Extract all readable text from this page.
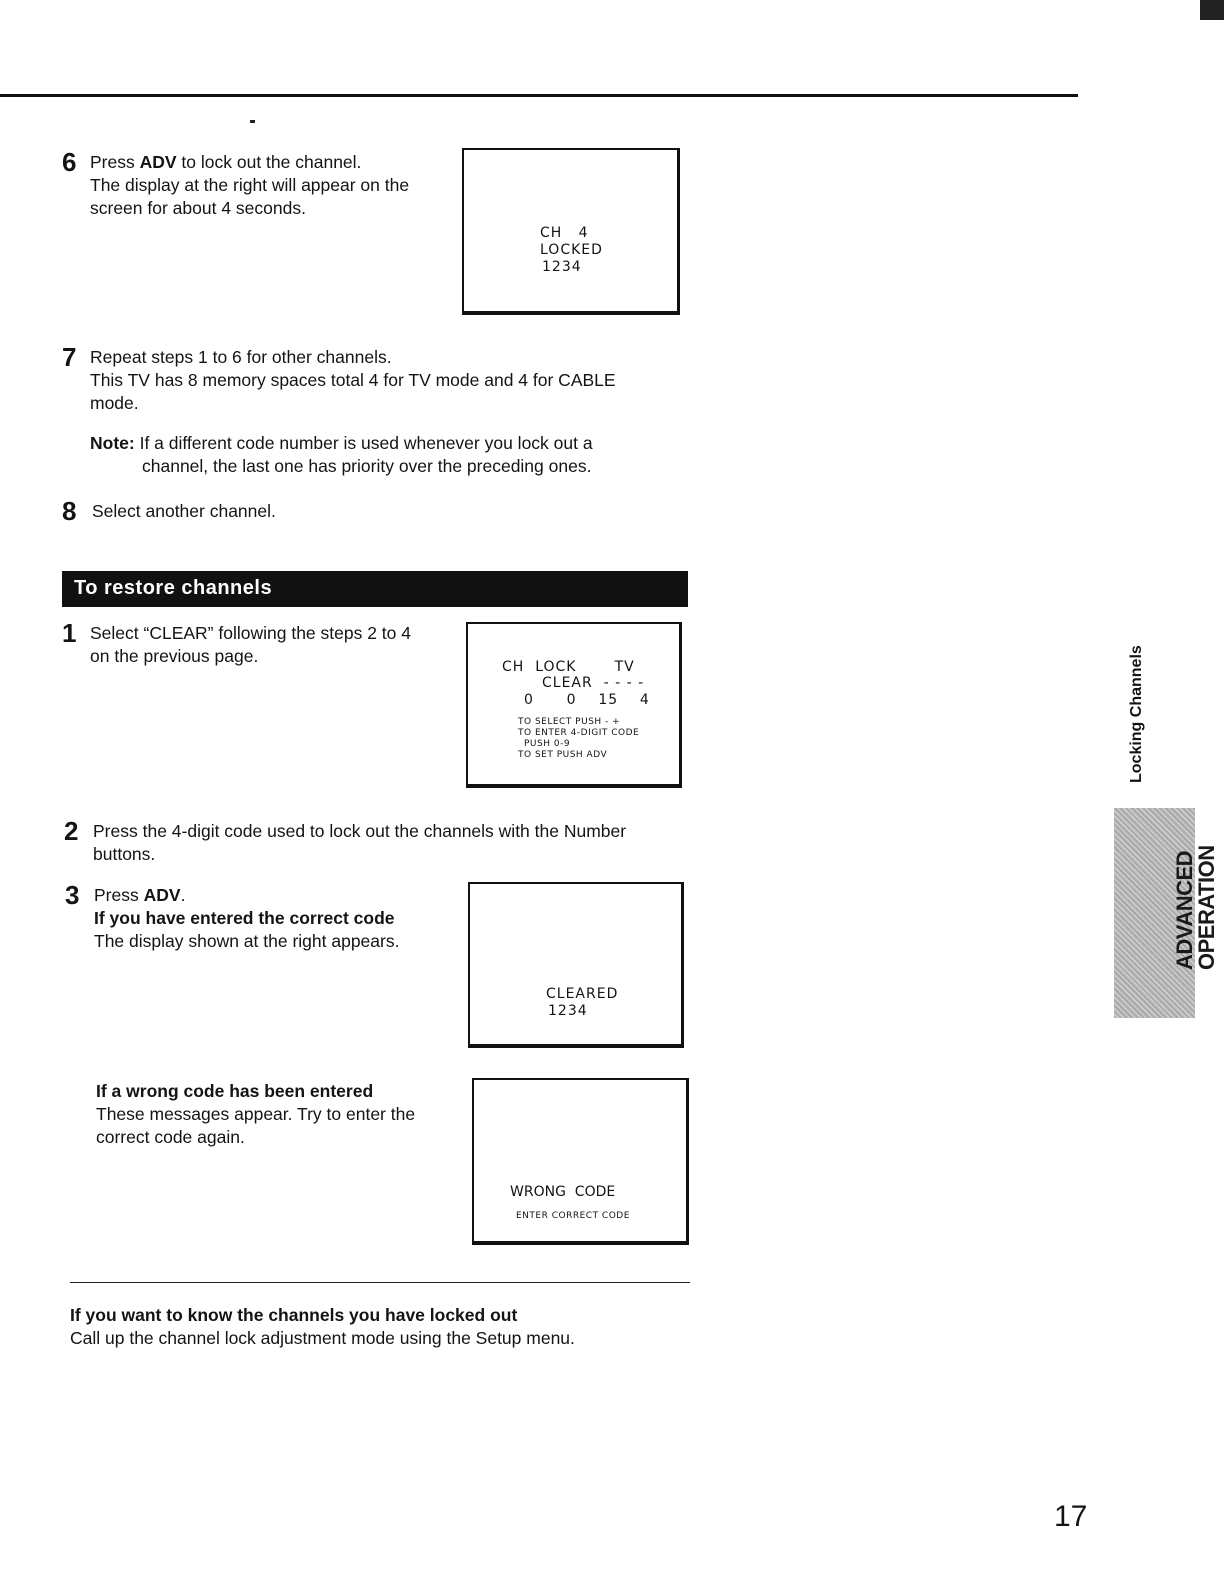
6 Press ADV to lock out the channel.
The display at the right will appear on the
screen for about 4 seconds.
CH   4
LOCKED
1234
7 Repeat steps 1 to 6 for other channels.
This TV has 8 memory spaces total 4 for TV mode and 4 for CABLE
mode.
Note: If a different code number is used whenever you lock out a
channel, the last one has priority over the preceding ones.
8 Select another channel.
To restore channels
1 Select “CLEAR” following the steps 2 to 4
on the previous page.
CH  LOCK       TV
CLEAR  - - - -
0      0    15    4
TO SELECT PUSH - +
TO ENTER 4-DIGIT CODE
PUSH 0-9
TO SET PUSH ADV
2 Press the 4-digit code used to lock out the channels with the Number
buttons.
3 Press ADV.
If you have entered the correct code
The display shown at the right appears.
CLEARED
1234
If a wrong code has been entered
These messages appear. Try to enter the
correct code again.
WRONG  CODE
ENTER CORRECT CODE
If you want to know the channels you have locked out
Call up the channel lock adjustment mode using the Setup menu.
Locking Channels
ADVANCED
OPERATION
17
